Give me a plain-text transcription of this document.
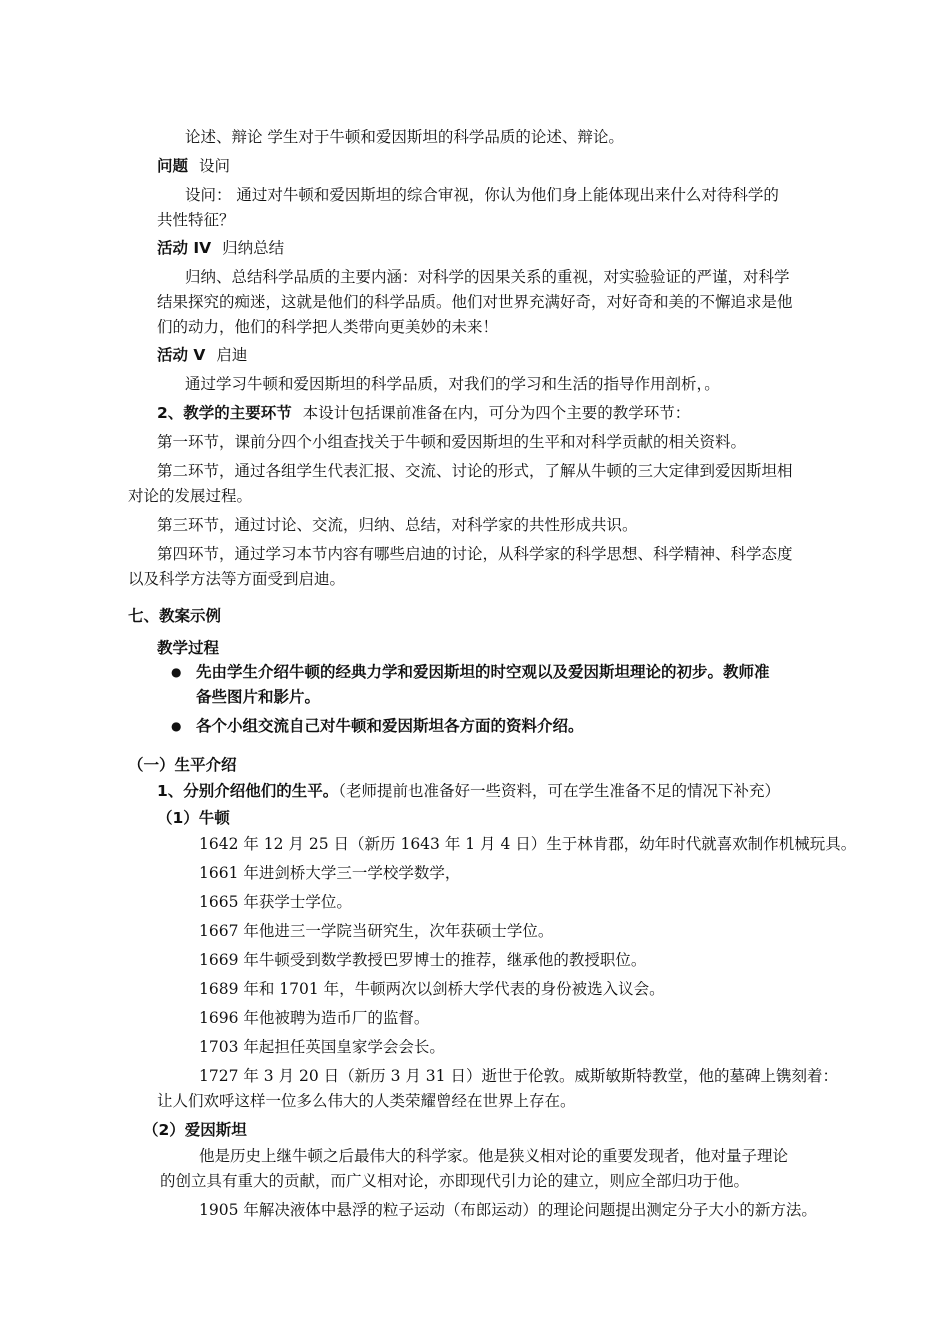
论述、辩论 学生对于牛顿和爱因斯坦的科学品质的论述、辩论。
问题 设问
设问： 通过对牛顿和爱因斯坦的综合审视，你认为他们身上能体现出来什么对待科学的
共性特征？
活动 IV 归纳总结
归纳、总结科学品质的主要内涵：对科学的因果关系的重视，对实验验证的严谨，对科学
结果探究的痴迷，这就是他们的科学品质。他们对世界充满好奇，对好奇和美的不懈追求是他
们的动力，他们的科学把人类带向更美妙的未来！
活动 V 启迪
通过学习牛顿和爱因斯坦的科学品质，对我们的学习和生活的指导作用剖析，。
2、教学的主要环节 本设计包括课前准备在内，可分为四个主要的教学环节：
第一环节，课前分四个小组查找关于牛顿和爱因斯坦的生平和对科学贡献的相关资料。
第二环节，通过各组学生代表汇报、交流、讨论的形式，了解从牛顿的三大定律到爱因斯坦相
对论的发展过程。
第三环节，通过讨论、交流，归纳、总结，对科学家的共性形成共识。
第四环节，通过学习本节内容有哪些启迪的讨论，从科学家的科学思想、科学精神、科学态度
以及科学方法等方面受到启迪。
七、教案示例
教学过程
● 先由学生介绍牛顿的经典力学和爱因斯坦的时空观以及爱因斯坦理论的初步。教师准
备些图片和影片。
● 各个小组交流自己对牛顿和爱因斯坦各方面的资料介绍。
（一）生平介绍
1、分别介绍他们的生平。（老师提前也准备好一些资料，可在学生准备不足的情况下补充）
（1）牛顿
1642 年 12 月 25 日（新历 1643 年 1 月 4 日）生于林肯郡，幼年时代就喜欢制作机械玩具。
1661 年进剑桥大学三一学校学数学，
1665 年获学士学位。
1667 年他进三一学院当研究生，次年获硕士学位。
1669 年牛顿受到数学教授巴罗博士的推荐，继承他的教授职位。
1689 年和 1701 年，牛顿两次以剑桥大学代表的身份被选入议会。
1696 年他被聘为造币厂的监督。
1703 年起担任英国皇家学会会长。
1727 年 3 月 20 日（新历 3 月 31 日）逝世于伦敦。威斯敏斯特教堂，他的墓碑上镌刻着：
让人们欢呼这样一位多么伟大的人类荣耀曾经在世界上存在。
（2）爱因斯坦
他是历史上继牛顿之后最伟大的科学家。他是狭义相对论的重要发现者，他对量子理论
的创立具有重大的贡献，而广义相对论，亦即现代引力论的建立，则应全部归功于他。
1905 年解决液体中悬浮的粒子运动（布郎运动）的理论问题提出测定分子大小的新方法。
